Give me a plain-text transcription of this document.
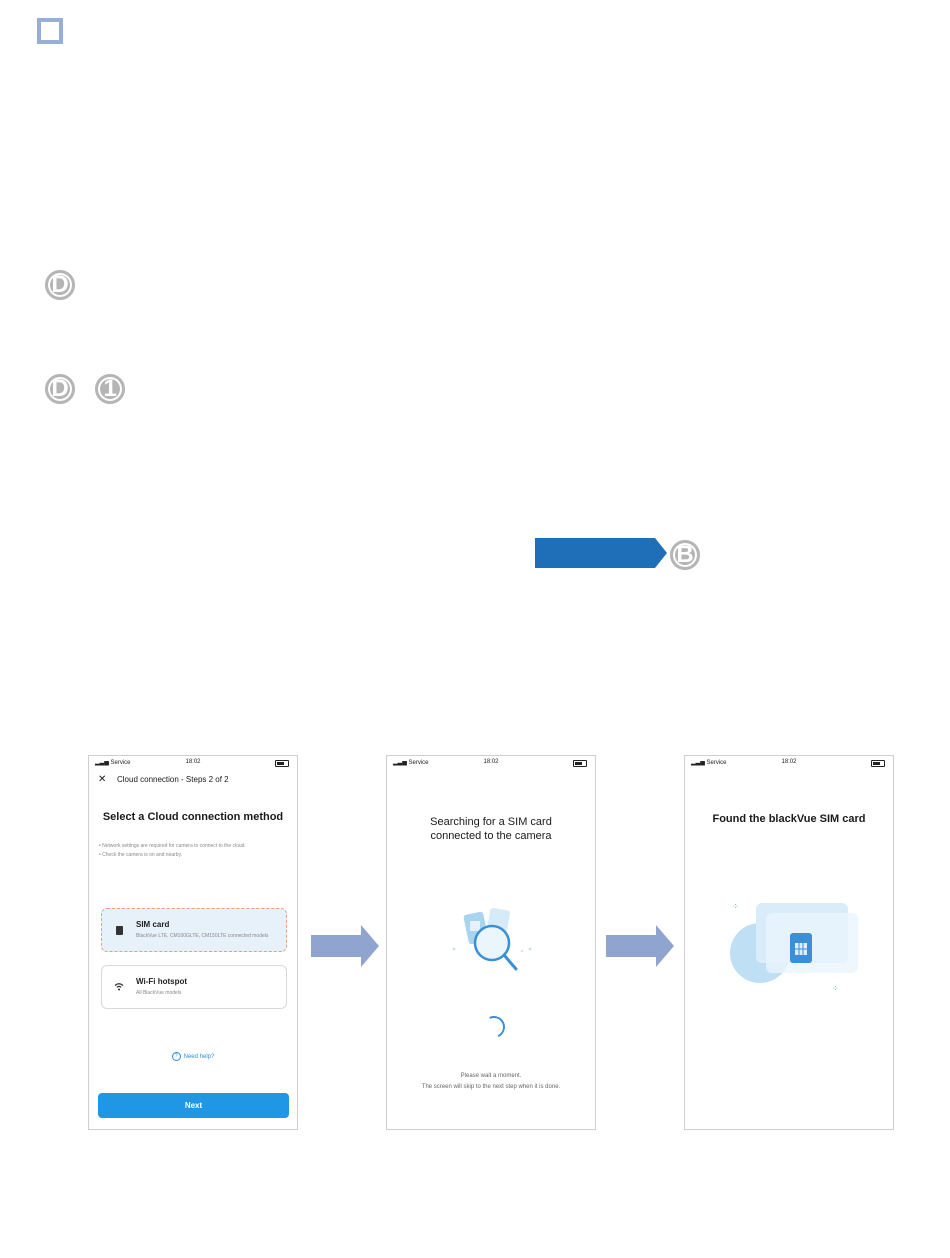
D
D	1
B
▂▃▅ Service	18:02
✕ Cloud connection - Steps 2 of 2
Select a Cloud connection method
• Network settings are required for camera to connect to the cloud.
• Check the camera is on and nearby.
SIM card
BlackVue LTE, CM100GLTE, CM150LTE connected models
Wi-Fi hotspot
All BlackVue models
? Need help?
Next
▂▃▅ Service	18:02
Searching for a SIM card
connected to the camera
Please wait a moment.
The screen will skip to the next step when it is done.
▂▃▅ Service	18:02
Found the blackVue SIM card
⁘
⁘
